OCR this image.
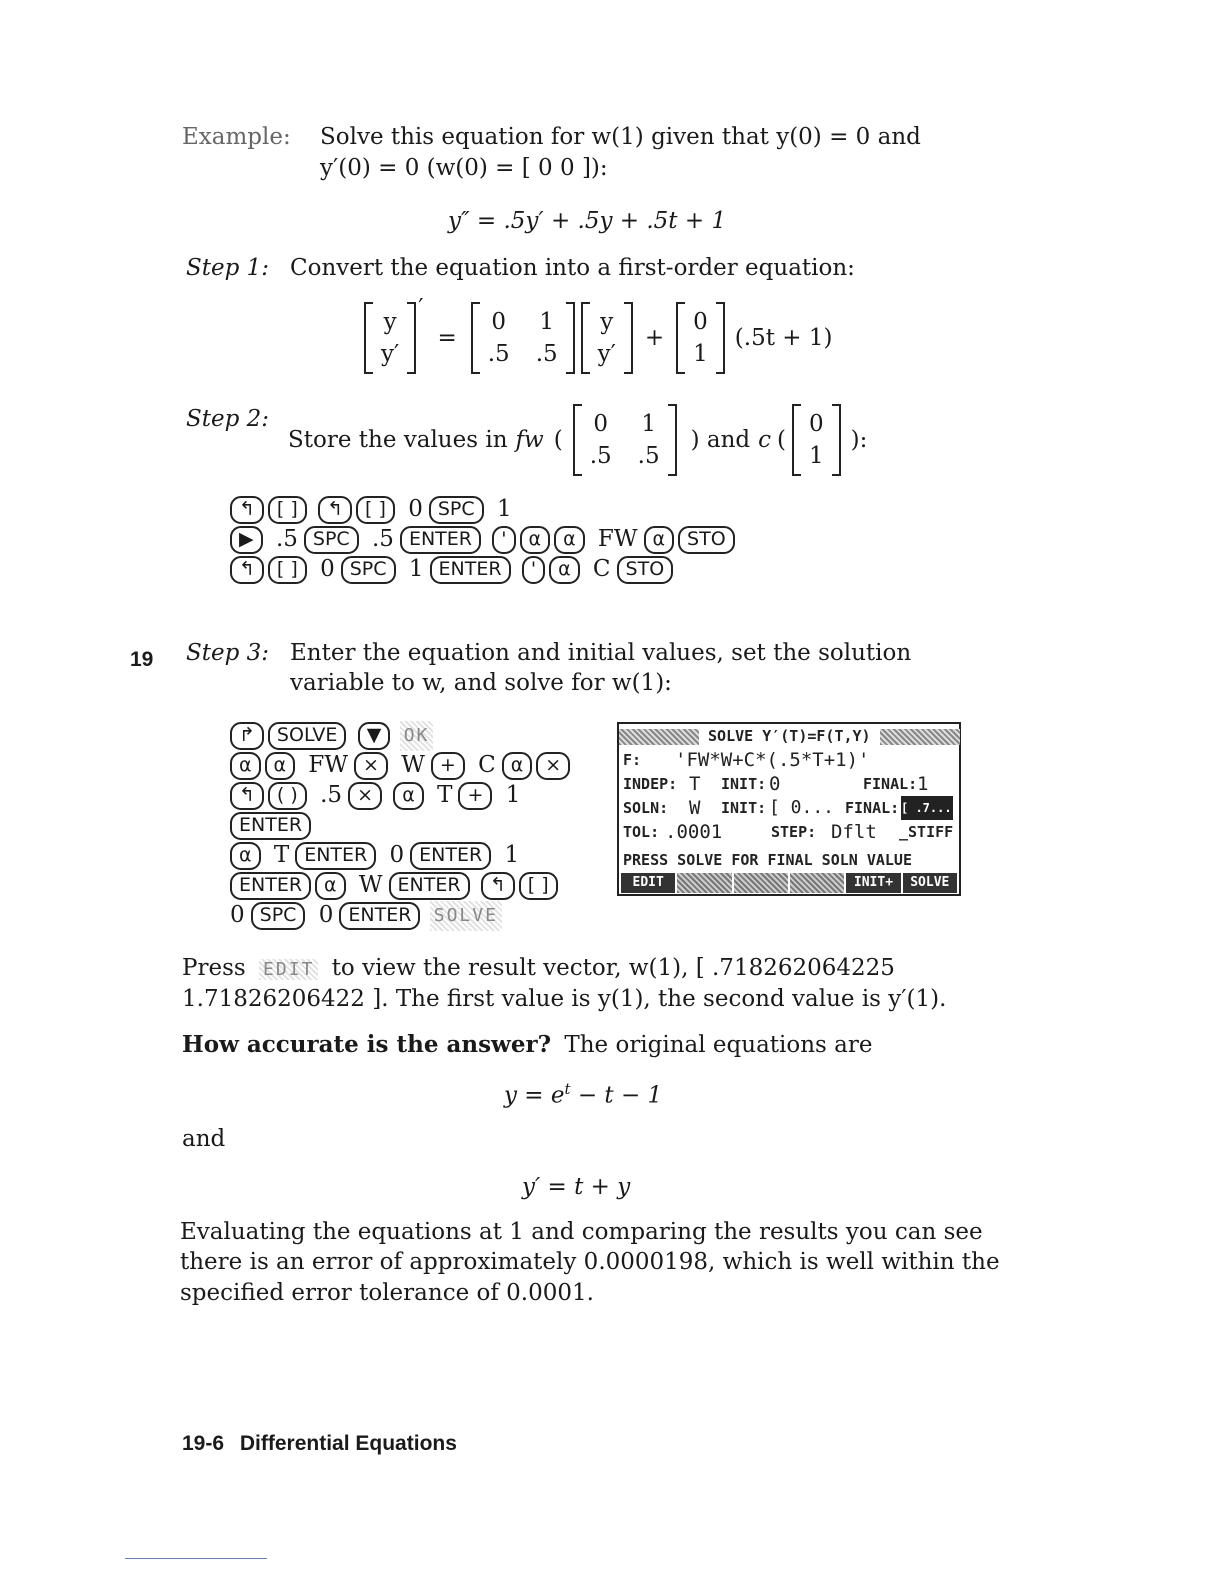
Example: Solve this equation for w(1) given that y(0) = 0 and
y′(0) = 0 (w(0) = [ 0 0 ]):
y″ = .5y′ + .5y + .5t + 1
Step 1: Convert the equation into a first-order equation:
y
y′
′
=
0 1
.5 .5
y
y′
+
0
1
(.5t + 1)
Step 2:
Store the values in fw (
0 1
.5 .5
) and c (
0
1
):
↰ [ ] ↰ [ ] 0 SPC 1
▶ .5 SPC .5 ENTER ' α α FW α STO
↰ [ ] 0 SPC 1 ENTER ' α C STO
19 Step 3: Enter the equation and initial values, set the solution
variable to w, and solve for w(1):
↱ SOLVE ▼ OK
α α FW × W + C α ×
↰ ( ) .5 × α T + 1
ENTER
α T ENTER 0 ENTER 1
ENTER α W ENTER ↰ [ ]
0 SPC 0 ENTER SOLVE
SOLVE Y′(T)=F(T,Y)
F: 'FW*W+C*(.5*T+1)'
INDEP: T INIT: 0	FINAL: 1
SOLN: W INIT: [ 0... FINAL: [ .7...
TOL: .0001	STEP: Dflt _STIFF
PRESS SOLVE FOR FINAL SOLN VALUE
EDIT	INIT+	SOLVE
Press EDIT to view the result vector, w(1), [ .718262064225
1.71826206422 ]. The first value is y(1), the second value is y′(1).
How accurate is the answer? The original equations are
$y = e^t - t - 1$
and
y′ = t + y
Evaluating the equations at 1 and comparing the results you can see
there is an error of approximately 0.0000198, which is well within the
specified error tolerance of 0.0001.
19-6 Differential Equations
